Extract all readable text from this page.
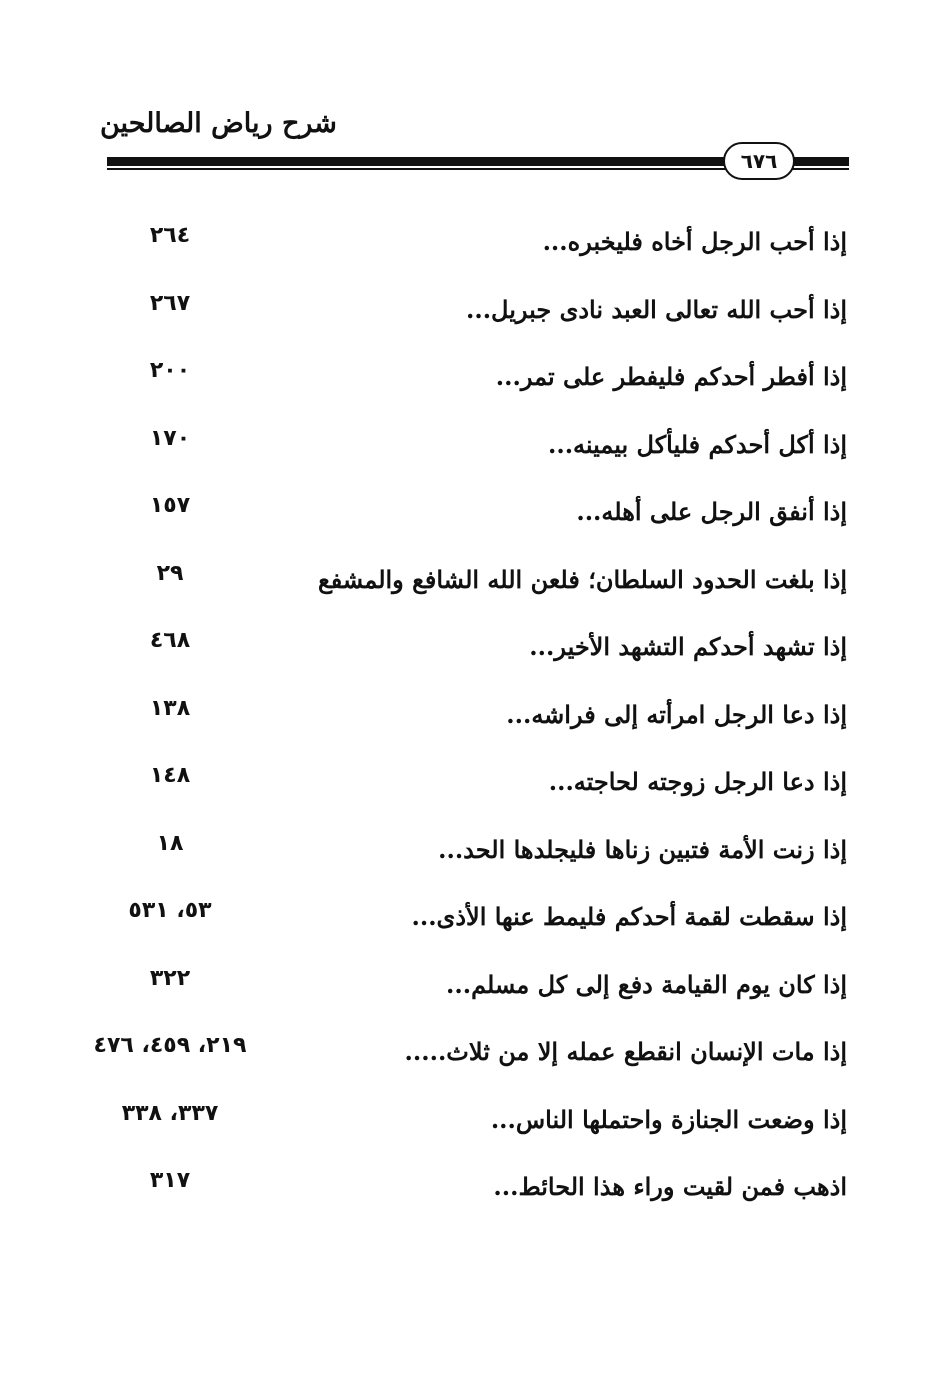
شرح رياض الصالحين
٦٧٦
إذا أحب الرجل أخاه فليخبره...
٢٦٤
إذا أحب الله تعالى العبد نادى جبريل...
٢٦٧
إذا أفطر أحدكم فليفطر على تمر...
٢٠٠
إذا أكل أحدكم فليأكل بيمينه...
١٧٠
إذا أنفق الرجل على أهله...
١٥٧
إذا بلغت الحدود السلطان؛ فلعن الله الشافع والمشفع
٢٩
إذا تشهد أحدكم التشهد الأخير...
٤٦٨
إذا دعا الرجل امرأته إلى فراشه...
١٣٨
إذا دعا الرجل زوجته لحاجته...
١٤٨
إذا زنت الأمة فتبين زناها فليجلدها الحد...
١٨
إذا سقطت لقمة أحدكم فليمط عنها الأذى...
٥٣، ٥٣١
إذا كان يوم القيامة دفع إلى كل مسلم...
٣٢٢
إذا مات الإنسان انقطع عمله إلا من ثلاث.....
٢١٩، ٤٥٩، ٤٧٦
إذا وضعت الجنازة واحتملها الناس...
٣٣٧، ٣٣٨
اذهب فمن لقيت وراء هذا الحائط...
٣١٧
